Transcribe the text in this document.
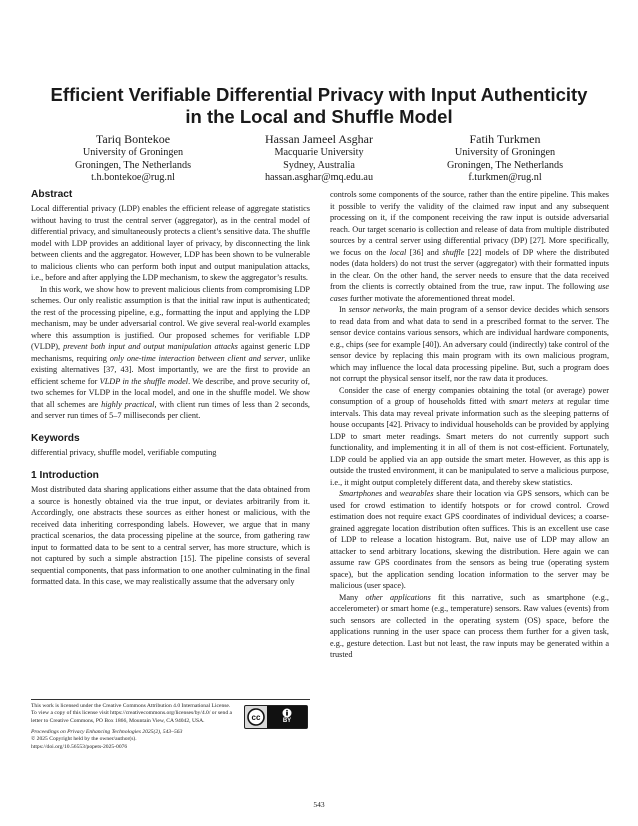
Efficient Verifiable Differential Privacy with Input Authenticity in the Local and Shuffle Model
Tariq Bontekoe
University of Groningen
Groningen, The Netherlands
t.h.bontekoe@rug.nl
Hassan Jameel Asghar
Macquarie University
Sydney, Australia
hassan.asghar@mq.edu.au
Fatih Turkmen
University of Groningen
Groningen, The Netherlands
f.turkmen@rug.nl
Abstract

Local differential privacy (LDP) enables the efficient release of aggregate statistics without having to trust the central server (aggregator), as in the central model of differential privacy, and simultaneously protects a client’s sensitive data. The shuffle model with LDP provides an additional layer of privacy, by disconnecting the link between clients and the aggregator. However, LDP has been shown to be vulnerable to malicious clients who can perform both input and output manipulation attacks, i.e., before and after applying the LDP mechanism, to skew the aggregator’s results.

In this work, we show how to prevent malicious clients from compromising LDP schemes. Our only realistic assumption is that the initial raw input is authenticated; the rest of the processing pipeline, e.g., formatting the input and applying the LDP mechanism, may be under adversarial control. We give several real-world examples where this assumption is justified. Our proposed schemes for verifiable LDP (VLDP), prevent both input and output manipulation attacks against generic LDP mechanisms, requiring only one-time interaction between client and server, unlike existing alternatives [37, 43]. Most importantly, we are the first to provide an efficient scheme for VLDP in the shuffle model. We describe, and prove security of, two schemes for VLDP in the local model, and one in the shuffle model. We show that all schemes are highly practical, with client run times of less than 2 seconds, and server run times of 5–7 milliseconds per client.

Keywords

differential privacy, shuffle model, verifiable computing

1 Introduction

Most distributed data sharing applications either assume that the data obtained from a source is honestly obtained via the true input, or deviates arbitrarily from it. Accordingly, one abstracts these sources as either honest or malicious, with the received data inheriting corresponding labels. However, we argue that in many practical scenarios, the data processing pipeline at the source, from gathering raw input to formatted data to be sent to a central server, has more structure, which is not captured by such a simple abstraction [15]. The pipeline consists of several sequential components, that pass information to one another culminating in the final formatted data. In this case, we may realistically assume that the adversary only

This work is licensed under the Creative Commons Attribution 4.0 International License. To view a copy of this license visit https://creativecommons.org/licenses/by/4.0/ or send a letter to Creative Commons, PO Box 1866, Mountain View, CA 94042, USA.	cc	BY
Proceedings on Privacy Enhancing Technologies 2025(2), 543–563
© 2025 Copyright held by the owner/author(s).
https://doi.org/10.56553/popets-2025-0076

controls some components of the source, rather than the entire pipeline. This makes it possible to verify the validity of the claimed raw input and any subsequent processing on it, if the component receiving the raw input is outside adversarial reach. Our target scenario is collection and release of data from multiple distributed sources by a central server using differential privacy (DP) [27]. More specifically, we focus on the local [36] and shuffle [22] models of DP where the distributed nodes (data holders) do not trust the server (aggregator) with their formatted inputs in the clear. On the other hand, the server needs to ensure that the data received from the clients is correctly obtained from the true, raw input. The following use cases further motivate the aforementioned threat model.

In sensor networks, the main program of a sensor device decides which sensors to read data from and what data to send in a prescribed format to the server. The sensor device contains various sensors, which are individual hardware components, e.g., chips (see for example [40]). An adversary could (indirectly) take control of the sensor device by replacing this main program with its own malicious program, which may influence the local data processing pipeline. But, such a program does not corrupt the physical sensor itself, nor the raw data it produces.

Consider the case of energy companies obtaining the total (or average) power consumption of a group of households fitted with smart meters at regular time intervals. This data may reveal private information such as the sleeping patterns of house occupants [42]. Privacy to individual households can be provided by applying LDP to smart meter readings. Smart meters do not currently support such functionality, and implementing it in all of them is not cost-efficient. Fortunately, LDP could be applied via an app outside the smart meter. However, as this app is outside the trusted environment, it can be manipulated to serve a malicious purpose, i.e., it might output completely different data, and thereby skew statistics.

Smartphones and wearables share their location via GPS sensors, which can be used for crowd estimation to identify hotspots or for crowd control. Crowd estimation does not require exact GPS coordinates of individual devices; a coarse-grained aggregate location distribution often suffices. This is an excellent use case of LDP to release a location histogram. But, naive use of LDP may allow an attacker to send arbitrary locations, skewing the distribution. Here again we can assume raw GPS coordinates from the sensors as being true (operating system space), but the application sending location information to the server may be malicious (user space).

Many other applications fit this narrative, such as smartphone (e.g., accelerometer) or smart home (e.g., temperature) sensors. Raw values (events) from such sensors are collected in the operating system (OS) space, before the applications running in the user space can process them further for a given task, e.g., gesture detection. Last but not least, the raw inputs may be generated within a trusted

543
